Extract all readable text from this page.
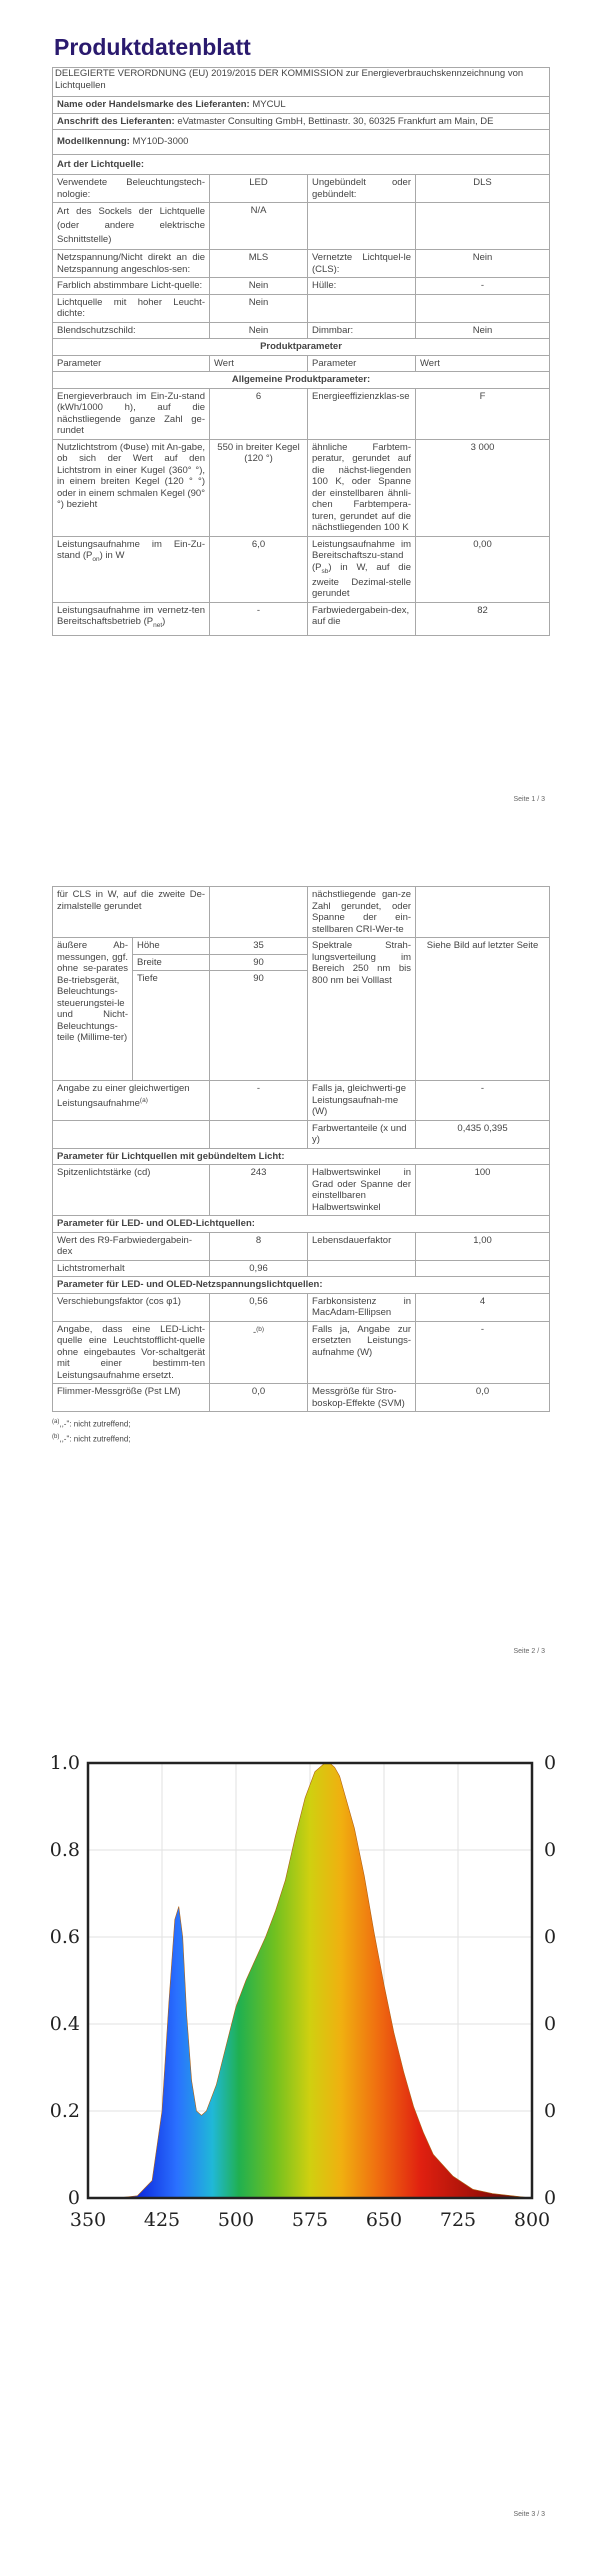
Produktdatenblatt
DELEGIERTE VERORDNUNG (EU) 2019/2015 DER KOMMISSION zur Energieverbrauchskennzeichnung von Lichtquellen			

Name oder Handelsmarke des Lieferanten: MYCUL			
Anschrift des Lieferanten: eVatmaster Consulting GmbH, Bettinastr. 30, 60325 Frankfurt am Main, DE			
Modellkennung: MY10D-3000			
Art der Lichtquelle:			
Verwendete Beleuchtungstech-nologie:	LED	Ungebündelt oder gebündelt:	DLS
Art des Sockels der Lichtquelle (oder andere elektrische Schnittstelle)	N/A		
Netzspannung/Nicht direkt an die Netzspannung angeschlos-sen:	MLS	Vernetzte Lichtquel-le (CLS):	Nein
Farblich abstimmbare Licht-quelle:	Nein	Hülle:	-
Lichtquelle mit hoher Leucht-dichte:	Nein		
Blendschutzschild:	Nein	Dimmbar:	Nein
Produktparameter			
Parameter	Wert	Parameter	Wert
Allgemeine Produktparameter:			
Energieverbrauch im Ein-Zu-stand (kWh/1000 h), auf die nächstliegende ganze Zahl ge-rundet	6	Energieeffizienzklas-se	F
Nutzlichtstrom (Φuse) mit An-gabe, ob sich der Wert auf den Lichtstrom in einer Kugel (360° °), in einem breiten Kegel (120 ° °) oder in einem schmalen Kegel (90° °) bezieht	550 in breiter Kegel (120 °)	ähnliche Farbtem-peratur, gerundet auf die nächst-liegenden 100 K, oder Spanne der einstellbaren ähnli-chen Farbtempera-turen, gerundet auf die nächstliegenden 100 K	3 000
Leistungsaufnahme im Ein-Zu-stand $(P_{on})$ in W	6,0	Leistungsaufnahme im Bereitschaftszu-stand $(P_{sb})$ in W, auf die zweite Dezimal-stelle gerundet	0,00

Leistungsaufnahme im vernetz-ten Bereitschaftsbetrieb $(P_{net})$	-	Farbwiedergabein-dex, auf die	82
Seite 1 / 3
für CLS in W, auf die zweite De-zimalstelle gerundet			nächstliegende gan-ze Zahl gerundet, oder Spanne der ein-stellbaren CRI-Wer-te	
äußere Ab-messungen, ggf. ohne se-parates Be-triebsgerät, Beleuchtungs-steuerungstei-le und Nicht-Beleuchtungs-teile (Millime-ter)	Höhe	35	Spektrale Strah-lungsverteilung im Bereich 250 nm bis 800 nm bei Volllast	Siehe Bild auf letzter Seite
	Breite	90		
	Tiefe	90		
Angabe zu einer gleichwertigen Leistungsaufnahme$^{(a)}$		-	Falls ja, gleichwerti-ge Leistungsaufnah-me (W)	-
			Farbwertanteile (x und y)	0,435 0,395
Parameter für Lichtquellen mit gebündeltem Licht:				
Spitzenlichtstärke (cd)		243	Halbwertswinkel in Grad oder Spanne der einstellbaren Halbwertswinkel	100
Parameter für LED- und OLED-Lichtquellen:				
Wert des R9-Farbwiedergabein-dex		8	Lebensdauerfaktor	1,00
Lichtstromerhalt		0,96		
Parameter für LED- und OLED-Netzspannungslichtquellen:				
Verschiebungsfaktor (cos φ1)		0,56	Farbkonsistenz in MacAdam-Ellipsen	4
Angabe, dass eine LED-Licht-quelle eine Leuchtstofflicht-quelle ohne eingebautes Vor-schaltgerät mit einer bestimm-ten Leistungsaufnahme ersetzt.		-$^{(b)}$	Falls ja, Angabe zur ersetzten Leistungs-aufnahme (W)	-
Flimmer-Messgröße (Pst LM)		0,0	Messgröße für Stro-boskop-Effekte (SVM)	0,0
$^{(a)}$,,-": nicht zutreffend;
$^{(b)}$,,-": nicht zutreffend;
Seite 2 / 3
0
0.2
0.4
0.6
0.8
1.0
350 425 500 575 650 725 800
0
0
0
0
0
0
Seite 3 / 3
